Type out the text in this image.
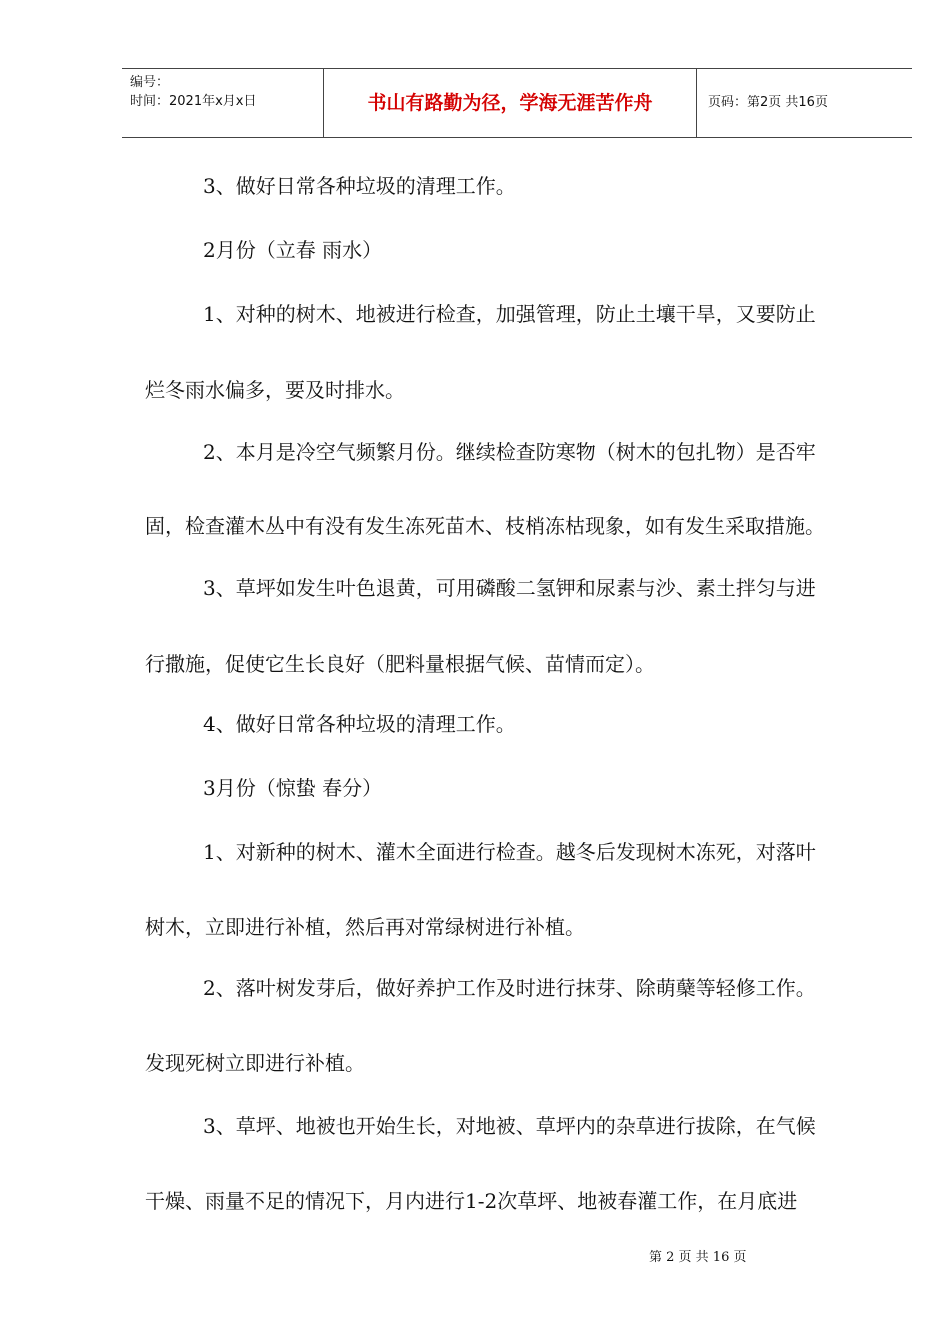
编号：
时间：2021年x月x日	书山有路勤为径，学海无涯苦作舟	页码：第2页 共16页
3、做好日常各种垃圾的清理工作。
2月份（立春 雨水）
1、对种的树木、地被进行检查，加强管理，防止土壤干旱，又要防止
烂冬雨水偏多，要及时排水。
2、本月是冷空气频繁月份。继续检查防寒物（树木的包扎物）是否牢
固，检查灌木丛中有没有发生冻死苗木、枝梢冻枯现象，如有发生采取措施。
3、草坪如发生叶色退黄，可用磷酸二氢钾和尿素与沙、素土拌匀与进
行撒施，促使它生长良好（肥料量根据气候、苗情而定）。
4、做好日常各种垃圾的清理工作。
3月份（惊蛰 春分）
1、对新种的树木、灌木全面进行检查。越冬后发现树木冻死，对落叶
树木，立即进行补植，然后再对常绿树进行补植。
2、落叶树发芽后，做好养护工作及时进行抹芽、除萌蘖等轻修工作。
发现死树立即进行补植。
3、草坪、地被也开始生长，对地被、草坪内的杂草进行拔除，在气候
干燥、雨量不足的情况下，月内进行1-2次草坪、地被春灌工作，在月底进
第 2 页 共 16 页
